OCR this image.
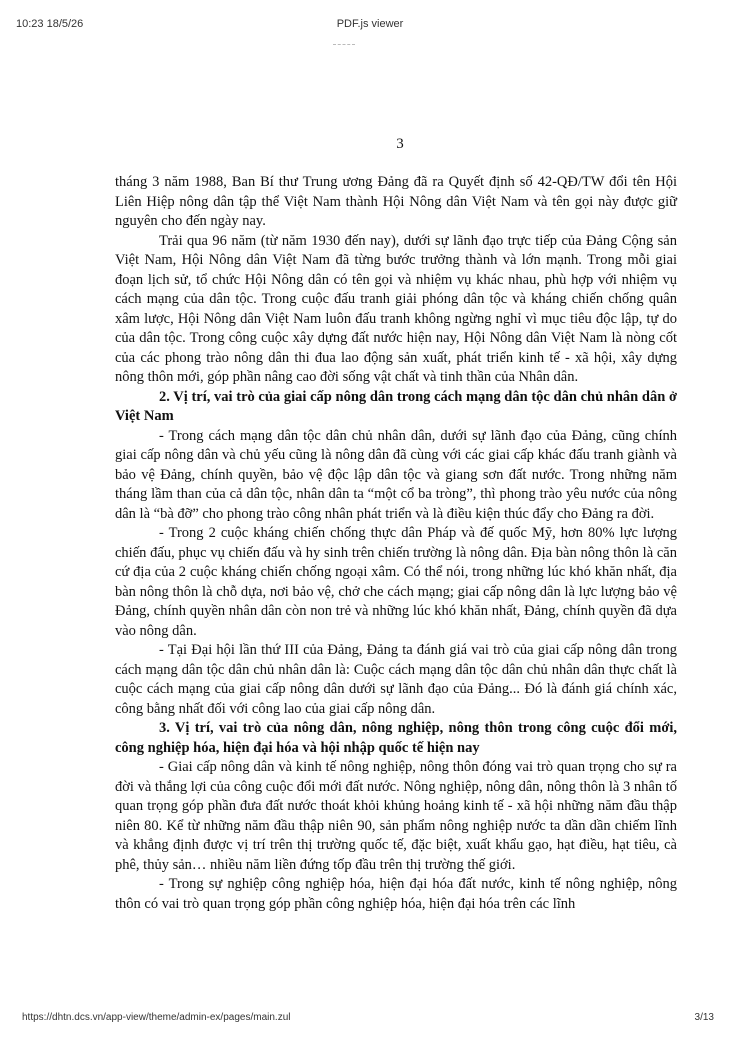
10:23 18/5/26	PDF.js viewer
3

tháng 3 năm 1988, Ban Bí thư Trung ương Đảng đã ra Quyết định số 42-QĐ/TW đổi tên Hội Liên Hiệp nông dân tập thể Việt Nam thành Hội Nông dân Việt Nam và tên gọi này được giữ nguyên cho đến ngày nay.

Trải qua 96 năm (từ năm 1930 đến nay), dưới sự lãnh đạo trực tiếp của Đảng Cộng sản Việt Nam, Hội Nông dân Việt Nam đã từng bước trưởng thành và lớn mạnh. Trong mỗi giai đoạn lịch sử, tổ chức Hội Nông dân có tên gọi và nhiệm vụ khác nhau, phù hợp với nhiệm vụ cách mạng của dân tộc. Trong cuộc đấu tranh giải phóng dân tộc và kháng chiến chống quân xâm lược, Hội Nông dân Việt Nam luôn đấu tranh không ngừng nghỉ vì mục tiêu độc lập, tự do của dân tộc. Trong công cuộc xây dựng đất nước hiện nay, Hội Nông dân Việt Nam là nòng cốt của các phong trào nông dân thi đua lao động sản xuất, phát triển kinh tế - xã hội, xây dựng nông thôn mới, góp phần nâng cao đời sống vật chất và tinh thần của Nhân dân.

2. Vị trí, vai trò của giai cấp nông dân trong cách mạng dân tộc dân chủ nhân dân ở Việt Nam

- Trong cách mạng dân tộc dân chủ nhân dân, dưới sự lãnh đạo của Đảng, cũng chính giai cấp nông dân và chủ yếu cũng là nông dân đã cùng với các giai cấp khác đấu tranh giành và bảo vệ Đảng, chính quyền, bảo vệ độc lập dân tộc và giang sơn đất nước. Trong những năm tháng lầm than của cả dân tộc, nhân dân ta “một cổ ba tròng”, thì phong trào yêu nước của nông dân là “bà đỡ” cho phong trào công nhân phát triển và là điều kiện thúc đẩy cho Đảng ra đời.

- Trong 2 cuộc kháng chiến chống thực dân Pháp và đế quốc Mỹ, hơn 80% lực lượng chiến đấu, phục vụ chiến đấu và hy sinh trên chiến trường là nông dân. Địa bàn nông thôn là căn cứ địa của 2 cuộc kháng chiến chống ngoại xâm. Có thể nói, trong những lúc khó khăn nhất, địa bàn nông thôn là chỗ dựa, nơi bảo vệ, chở che cách mạng; giai cấp nông dân là lực lượng bảo vệ Đảng, chính quyền nhân dân còn non trẻ và những lúc khó khăn nhất, Đảng, chính quyền đã dựa vào nông dân.

- Tại Đại hội lần thứ III của Đảng, Đảng ta đánh giá vai trò của giai cấp nông dân trong cách mạng dân tộc dân chủ nhân dân là: Cuộc cách mạng dân tộc dân chủ nhân dân thực chất là cuộc cách mạng của giai cấp nông dân dưới sự lãnh đạo của Đảng... Đó là đánh giá chính xác, công bằng nhất đối với công lao của giai cấp nông dân.

3. Vị trí, vai trò của nông dân, nông nghiệp, nông thôn trong công cuộc đổi mới, công nghiệp hóa, hiện đại hóa và hội nhập quốc tế hiện nay

- Giai cấp nông dân và kinh tế nông nghiệp, nông thôn đóng vai trò quan trọng cho sự ra đời và thắng lợi của công cuộc đổi mới đất nước. Nông nghiệp, nông dân, nông thôn là 3 nhân tố quan trọng góp phần đưa đất nước thoát khỏi khủng hoảng kinh tế - xã hội những năm đầu thập niên 80. Kể từ những năm đầu thập niên 90, sản phẩm nông nghiệp nước ta dần dần chiếm lĩnh và khẳng định được vị trí trên thị trường quốc tế, đặc biệt, xuất khẩu gạo, hạt điều, hạt tiêu, cà phê, thủy sản… nhiều năm liền đứng tốp đầu trên thị trường thế giới.

- Trong sự nghiệp công nghiệp hóa, hiện đại hóa đất nước, kinh tế nông nghiệp, nông thôn có vai trò quan trọng góp phần công nghiệp hóa, hiện đại hóa trên các lĩnh

https://dhtn.dcs.vn/app-view/theme/admin-ex/pages/main.zul	3/13
